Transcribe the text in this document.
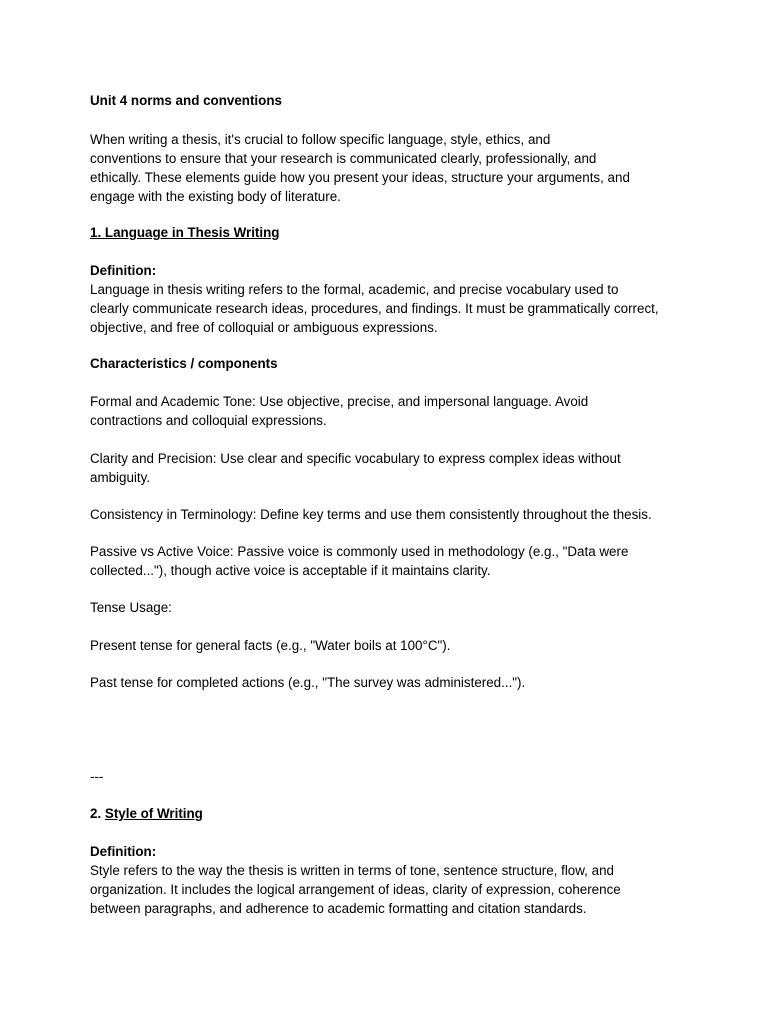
Unit 4 norms and conventions

When writing a thesis, it's crucial to follow specific language, style, ethics, and
conventions to ensure that your research is communicated clearly, professionally, and
ethically. These elements guide how you present your ideas, structure your arguments, and
engage with the existing body of literature.

1. Language in Thesis Writing

Definition:

Language in thesis writing refers to the formal, academic, and precise vocabulary used to
clearly communicate research ideas, procedures, and findings. It must be grammatically correct,
objective, and free of colloquial or ambiguous expressions.

Characteristics / components

Formal and Academic Tone: Use objective, precise, and impersonal language. Avoid
contractions and colloquial expressions.
Clarity and Precision: Use clear and specific vocabulary to express complex ideas without
ambiguity.

Consistency in Terminology: Define key terms and use them consistently throughout the thesis.

Passive vs Active Voice: Passive voice is commonly used in methodology (e.g., "Data were
collected..."), though active voice is acceptable if it maintains clarity.

Tense Usage:

Present tense for general facts (e.g., "Water boils at 100°C").

Past tense for completed actions (e.g., "The survey was administered...").

---

2. Style of Writing

Definition:

Style refers to the way the thesis is written in terms of tone, sentence structure, flow, and
organization. It includes the logical arrangement of ideas, clarity of expression, coherence
between paragraphs, and adherence to academic formatting and citation standards.
